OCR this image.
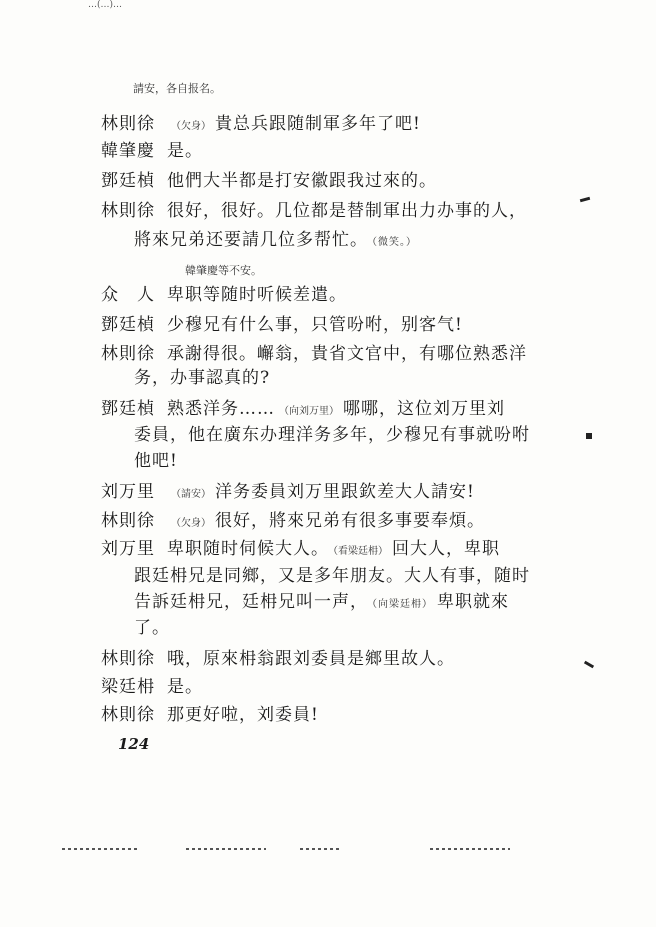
…(…)…
請安，各自报名。
林則徐 （欠身） 貴总兵跟随制軍多年了吧!
韓肇慶 是。
鄧廷楨 他們大半都是打安徽跟我过來的。
林則徐 很好，很好。几位都是替制軍出力办事的人，
將來兄弟还要請几位多帮忙。 （微笑。）
韓肇慶等不安。
众　人 卑职等随时听候差遣。
鄧廷楨 少穆兄有什么事，只管吩咐，别客气!
林則徐 承謝得很。嶰翁，貴省文官中，有哪位熟悉洋
务，办事認真的?
鄧廷楨 熟悉洋务…… （向刘万里） 哪哪，这位刘万里刘
委員，他在廣东办理洋务多年，少穆兄有事就吩咐
他吧!
刘万里 （請安） 洋务委員刘万里跟欽差大人請安!
林則徐 （欠身） 很好，將來兄弟有很多事要奉煩。
刘万里 卑职随时伺候大人。 （看梁廷枏） 回大人，卑职
跟廷枏兄是同鄉，又是多年朋友。大人有事，随时
告訴廷枏兄，廷枏兄叫一声， （向梁廷枏） 卑职就來
了。
林則徐 哦，原來枏翁跟刘委員是鄉里故人。
梁廷枏 是。
林則徐 那更好啦，刘委員!
124
